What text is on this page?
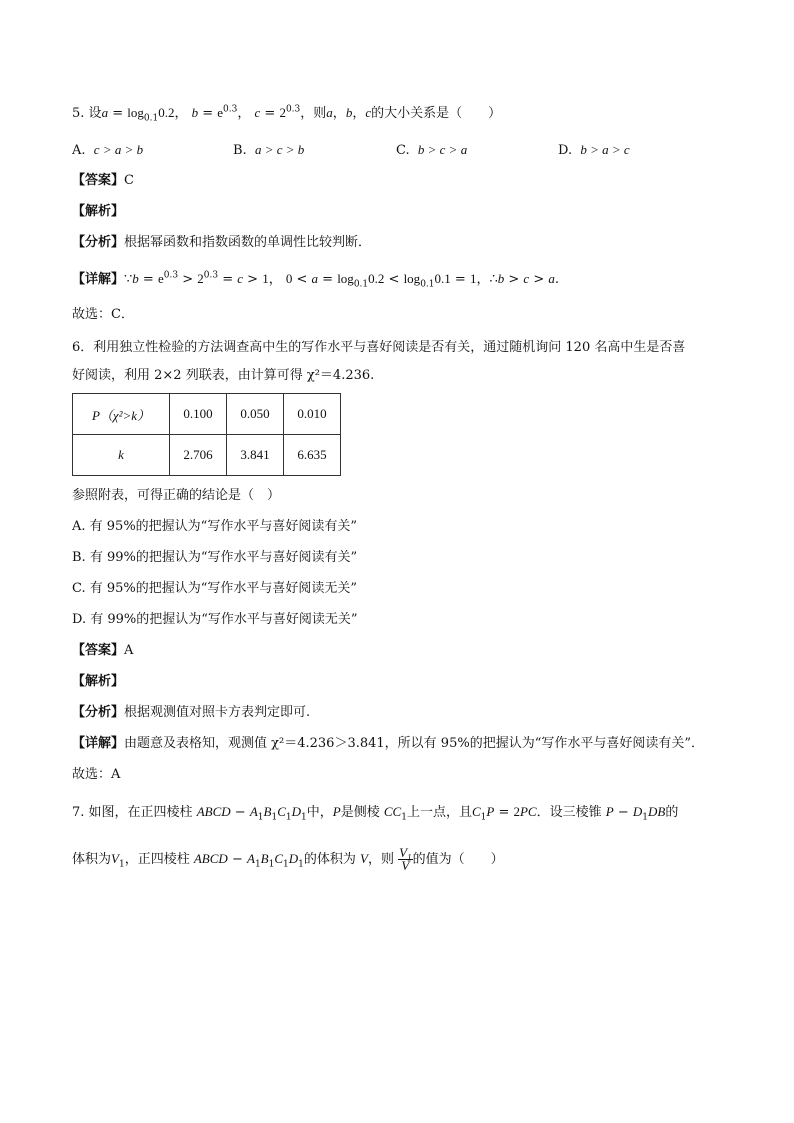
5. 设$a = \log_{0.1}0.2$， $b = e^{0.3}$， $c = 2^{0.3}$，则a，b，c的大小关系是（　　）
A. c > a > b	B. a > c > b	C. b > c > a	D. b > a > c
【答案】C
【解析】
【分析】根据幂函数和指数函数的单调性比较判断．
【详解】∵b = $e^{0.3} > 2^{0.3} = c > 1$， $0 < a = \log_{0.1}0.2 < \log_{0.1}0.1 = 1$，∴b > c > a.
故选：C．
6．利用独立性检验的方法调查高中生的写作水平与喜好阅读是否有关，通过随机询问 120 名高中生是否喜
好阅读，利用 2×2 列联表，由计算可得 χ²＝4.236.
P（χ²>k）	0.100	0.050	0.010
k	2.706	3.841	6.635
参照附表，可得正确的结论是（　）
A. 有 95%的把握认为“写作水平与喜好阅读有关”
B. 有 99%的把握认为“写作水平与喜好阅读有关”
C. 有 95%的把握认为“写作水平与喜好阅读无关”
D. 有 99%的把握认为“写作水平与喜好阅读无关”
【答案】A
【解析】
【分析】根据观测值对照卡方表判定即可.
【详解】由题意及表格知，观测值 χ²＝4.236＞3.841，所以有 95%的把握认为“写作水平与喜好阅读有关”．
故选：A
7. 如图，在正四棱柱 ABCD − $A_1B_1C_1D_1$中，P是侧棱 $CC_1$上一点，且$C_1P = 2PC$．设三棱锥 $P - D_1DB$的
体积为$V_1$，正四棱柱 ABCD − $A_1B_1C_1D_1$的体积为 V，则 $\frac{V_1}{V}$ 的值为（　　）
